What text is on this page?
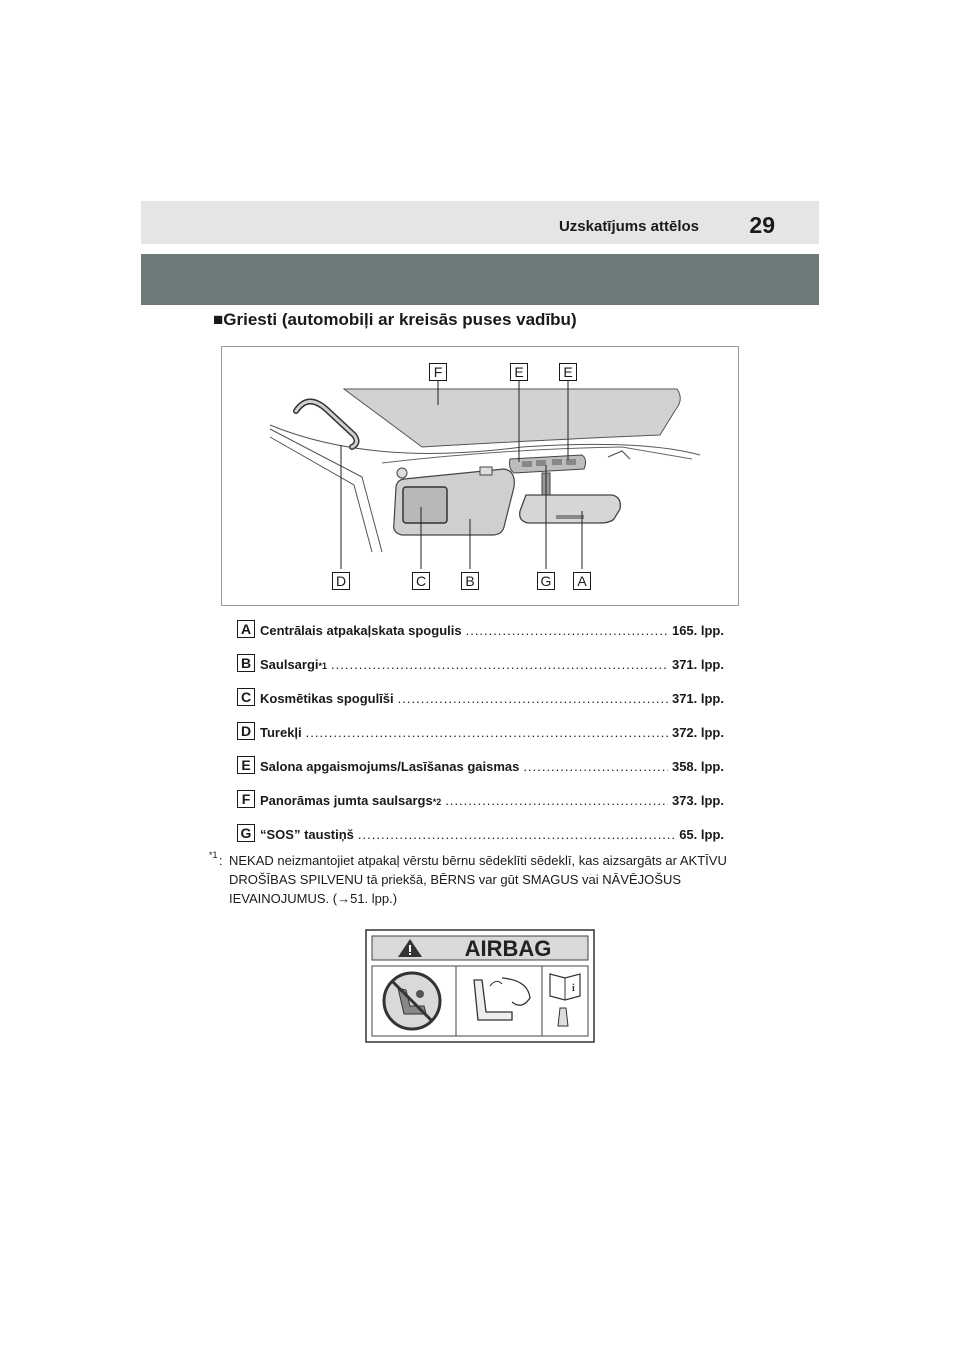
Uzskatījums attēlos 29
■Griesti (automobiļi ar kreisās puses vadību)
F	E	E
D	C	B	G	A
A Centrālais atpakaļskata spogulis .....	165. lpp.
B Saulsargi *1 .....	371. lpp.
C Kosmētikas spogulīši .....	371. lpp.
D Turekļi .....	372. lpp.
E Salona apgaismojums/Lasīšanas gaismas .....	358. lpp.
F Panorāmas jumta saulsargs *2 .....	373. lpp.
G “SOS” taustiņš .....	65. lpp.
*1 : NEKAD neizmantojiet atpakaļ vērstu bērnu sēdeklīti sēdeklī, kas aizsargāts ar AKTĪVU DROŠĪBAS SPILVENU tā priekšā, BĒRNS var gūt SMAGUS vai NĀVĒJOŠUS IEVAINOJUMUS. (→51. lpp.)
AIRBAG
i
